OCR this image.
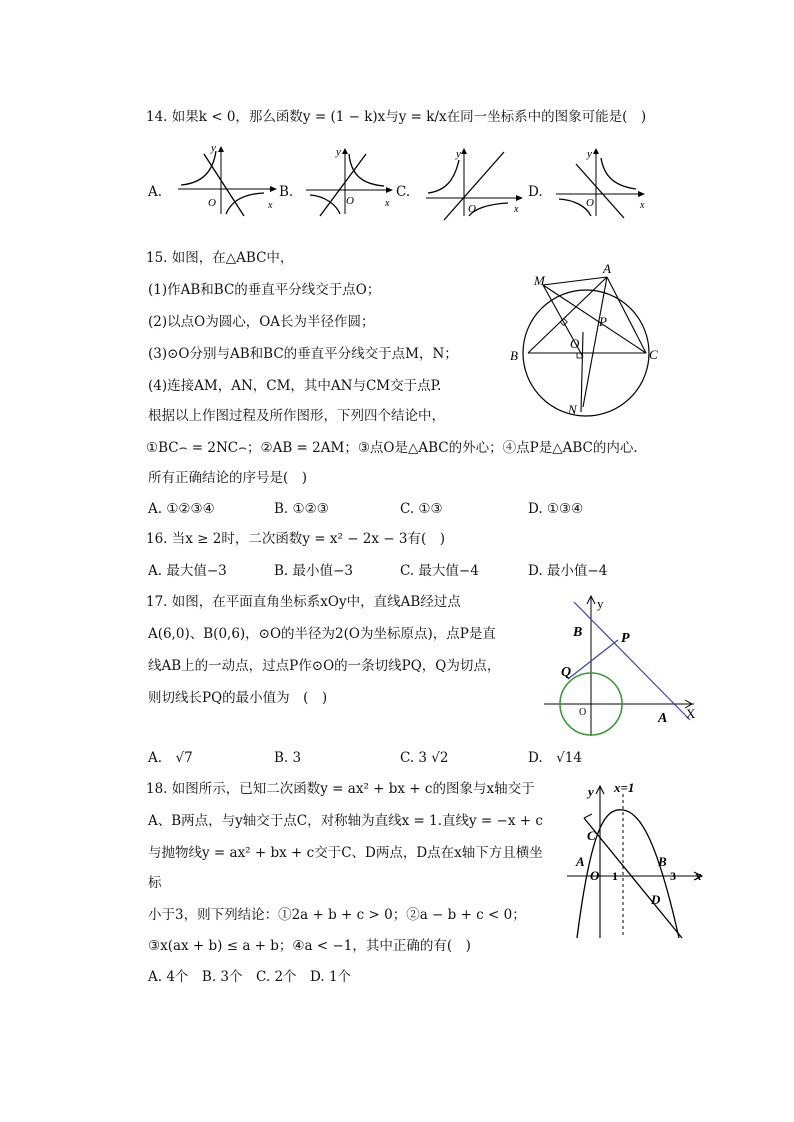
14. 如果k < 0，那么函数y = (1 − k)x与y = k/x在同一坐标系中的图象可能是(　)
A.
y
O	x
B.
y
O	x
C.
y
O	x
D.
y
O	x
15. 如图，在△ABC中，
(1)作AB和BC的垂直平分线交于点O；
(2)以点O为圆心，OA长为半径作圆；
(3)⊙O分别与AB和BC的垂直平分线交于点M，N；
(4)连接AM，AN，CM，其中AN与CM交于点P.
根据以上作图过程及所作图形，下列四个结论中，
①BC⌢ = 2NC⌢；②AB = 2AM；③点O是△ABC的外心；④点P是△ABC的内心.
所有正确结论的序号是(　)
A. ①②③④	B. ①②③	C. ①③	D. ①③④
M
A
P
O
B	C
N
16. 当x ≥ 2时，二次函数y = x² − 2x − 3有(　)
A. 最大值−3	B. 最小值−3	C. 最大值−4	D. 最小值−4
17. 如图，在平面直角坐标系xOy中，直线AB经过点
A(6,0)、B(0,6)，⊙O的半径为2(O为坐标原点)，点P是直
线AB上的一动点，过点P作⊙O的一条切线PQ，Q为切点，
则切线长PQ的最小值为　(　)
A.　√7	B. 3	C. 3 √2	D.　√14
y
X
B	P
Q
O	A
18. 如图所示，已知二次函数y = ax² + bx + c的图象与x轴交于
A、B两点，与y轴交于点C，对称轴为直线x = 1.直线y = −x + c
与抛物线y = ax² + bx + c交于C、D两点，D点在x轴下方且横坐
标
小于3，则下列结论：①2a + b + c > 0；②a − b + c < 0；
③x(ax + b) ≤ a + b；④a < −1，其中正确的有(　)
A. 4个　B. 3个　C. 2个　D. 1个
y x=1
C
A
O 1
B
3 x
D
